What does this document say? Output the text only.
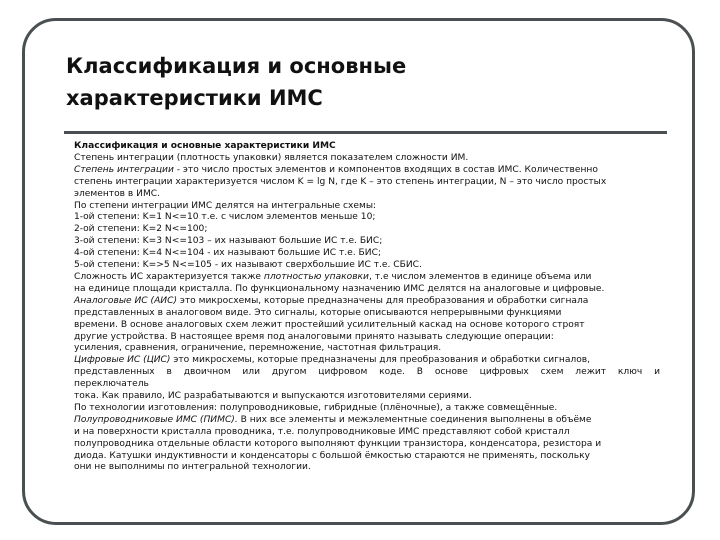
Классификация и основные
характеристики ИМС

Классификация и основные характеристики ИМС

Степень интеграции (плотность упаковки) является показателем сложности ИМ.

Степень интеграции - это число простых элементов и компонентов входящих в состав ИМС. Количественно

степень интеграции характеризуется числом K = lg N, где K – это степень интеграции, N – это число простых

элементов в ИМС.

По степени интеграции ИМС делятся на интегральные схемы:

1-ой степени: K=1 N<=10 т.е. с числом элементов меньше 10;

2-ой степени: K=2 N<=100;

3-ой степени: K=3 N<=103 – их называют большие ИС т.е. БИС;

4-ой степени: K=4 N<=104 - их называют большие ИС т.е. БИС;

5-ой степени: K=>5 N<=105 - их называют сверхбольшие ИС т.е. СБИС.

Сложность ИС характеризуется также плотностью упаковки, т.е числом элементов в единице объема или

на единице площади кристалла. По функциональному назначению ИМС делятся на аналоговые и цифровые.

Аналоговые ИС (АИС) это микросхемы, которые предназначены для преобразования и обработки сигнала

представленных в аналоговом виде. Это сигналы, которые описываются непрерывными функциями

времени. В основе аналоговых схем лежит простейший усилительный каскад на основе которого строят

другие устройства. В настоящее время под аналоговыми принято называть следующие операции:

усиления, сравнения, ограничение, перемножение, частотная фильтрация.

Цифровые ИС (ЦИС) это микросхемы, которые предназначены для преобразования и обработки сигналов,

представленных в двоичном или другом цифровом коде. В основе цифровых схем лежит ключ и

переключатель

тока. Как правило, ИС разрабатываются и выпускаются изготовителями сериями.

По технологии изготовления: полупроводниковые, гибридные (плёночные), а также совмещённые.

Полупроводниковые ИМС (ПИМС). В них все элементы и межэлементные соединения выполнены в объёме

и на поверхности кристалла проводника, т.е. полупроводниковые ИМС представляют собой кристалл

полупроводника отдельные области которого выполняют функции транзистора, конденсатора, резистора и

диода. Катушки индуктивности и конденсаторы с большой ёмкостью стараются не применять, поскольку

они не выполнимы по интегральной технологии.
